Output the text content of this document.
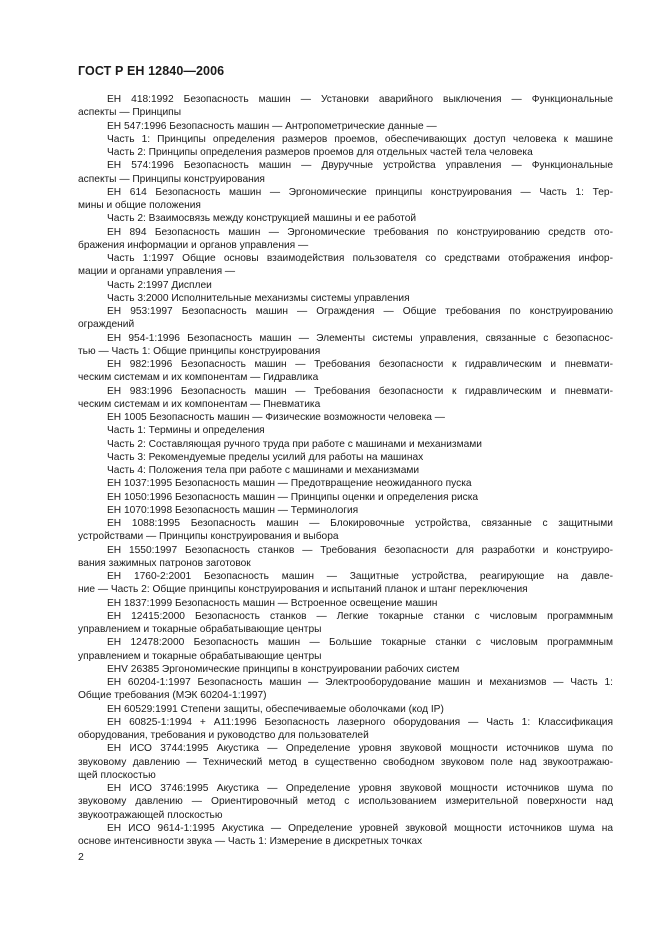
ГОСТ Р ЕН 12840—2006
ЕН 418:1992 Безопасность машин — Установки аварийного выключения — Функциональные
аспекты — Принципы
ЕН 547:1996 Безопасность машин — Антропометрические данные —
Часть 1: Принципы определения размеров проемов, обеспечивающих доступ человека к машине
Часть 2: Принципы определения размеров проемов для отдельных частей тела человека
ЕН 574:1996 Безопасность машин — Двуручные устройства управления — Функциональные
аспекты — Принципы конструирования
ЕН 614 Безопасность машин — Эргономические принципы конструирования — Часть 1: Тер-
мины и общие положения
Часть 2: Взаимосвязь между конструкцией машины и ее работой
ЕН 894 Безопасность машин — Эргономические требования по конструированию средств ото-
бражения информации и органов управления —
Часть 1:1997 Общие основы взаимодействия пользователя со средствами отображения инфор-
мации и органами управления —
Часть 2:1997 Дисплеи
Часть 3:2000 Исполнительные механизмы системы управления
ЕН 953:1997 Безопасность машин — Ограждения — Общие требования по конструированию
ограждений
ЕН 954-1:1996 Безопасность машин — Элементы системы управления, связанные с безопаснос-
тью — Часть 1: Общие принципы конструирования
ЕН 982:1996 Безопасность машин — Требования безопасности к гидравлическим и пневмати-
ческим системам и их компонентам — Гидравлика
ЕН 983:1996 Безопасность машин — Требования безопасности к гидравлическим и пневмати-
ческим системам и их компонентам — Пневматика
ЕН 1005 Безопасность машин — Физические возможности человека —
Часть 1: Термины и определения
Часть 2: Составляющая ручного труда при работе с машинами и механизмами
Часть 3: Рекомендуемые пределы усилий для работы на машинах
Часть 4: Положения тела при работе с машинами и механизмами
ЕН 1037:1995 Безопасность машин — Предотвращение неожиданного пуска
ЕН 1050:1996 Безопасность машин — Принципы оценки и определения риска
ЕН 1070:1998 Безопасность машин — Терминология
ЕН 1088:1995 Безопасность машин — Блокировочные устройства, связанные с защитными
устройствами — Принципы конструирования и выбора
ЕН 1550:1997 Безопасность станков — Требования безопасности для разработки и конструиро-
вания зажимных патронов заготовок
ЕН 1760-2:2001 Безопасность машин — Защитные устройства, реагирующие на давле-
ние — Часть 2: Общие принципы конструирования и испытаний планок и штанг переключения
ЕН 1837:1999 Безопасность машин — Встроенное освещение машин
ЕН 12415:2000 Безопасность станков — Легкие токарные станки с числовым программным
управлением и токарные обрабатывающие центры
ЕН 12478:2000 Безопасность машин — Большие токарные станки с числовым программным
управлением и токарные обрабатывающие центры
ЕНV 26385 Эргономические принципы в конструировании рабочих систем
ЕН 60204-1:1997 Безопасность машин — Электрооборудование машин и механизмов — Часть 1:
Общие требования (МЭК 60204-1:1997)
ЕН 60529:1991 Степени защиты, обеспечиваемые оболочками (код IP)
ЕН 60825-1:1994 + А11:1996 Безопасность лазерного оборудования — Часть 1: Классификация
оборудования, требования и руководство для пользователей
ЕН ИСО 3744:1995 Акустика — Определение уровня звуковой мощности источников шума по
звуковому давлению — Технический метод в существенно свободном звуковом поле над звукоотражаю-
щей плоскостью
ЕН ИСО 3746:1995 Акустика — Определение уровня звуковой мощности источников шума по
звуковому давлению — Ориентировочный метод с использованием измерительной поверхности над
звукоотражающей плоскостью
ЕН ИСО 9614-1:1995 Акустика — Определение уровней звуковой мощности источников шума на
основе интенсивности звука — Часть 1: Измерение в дискретных точках
2
